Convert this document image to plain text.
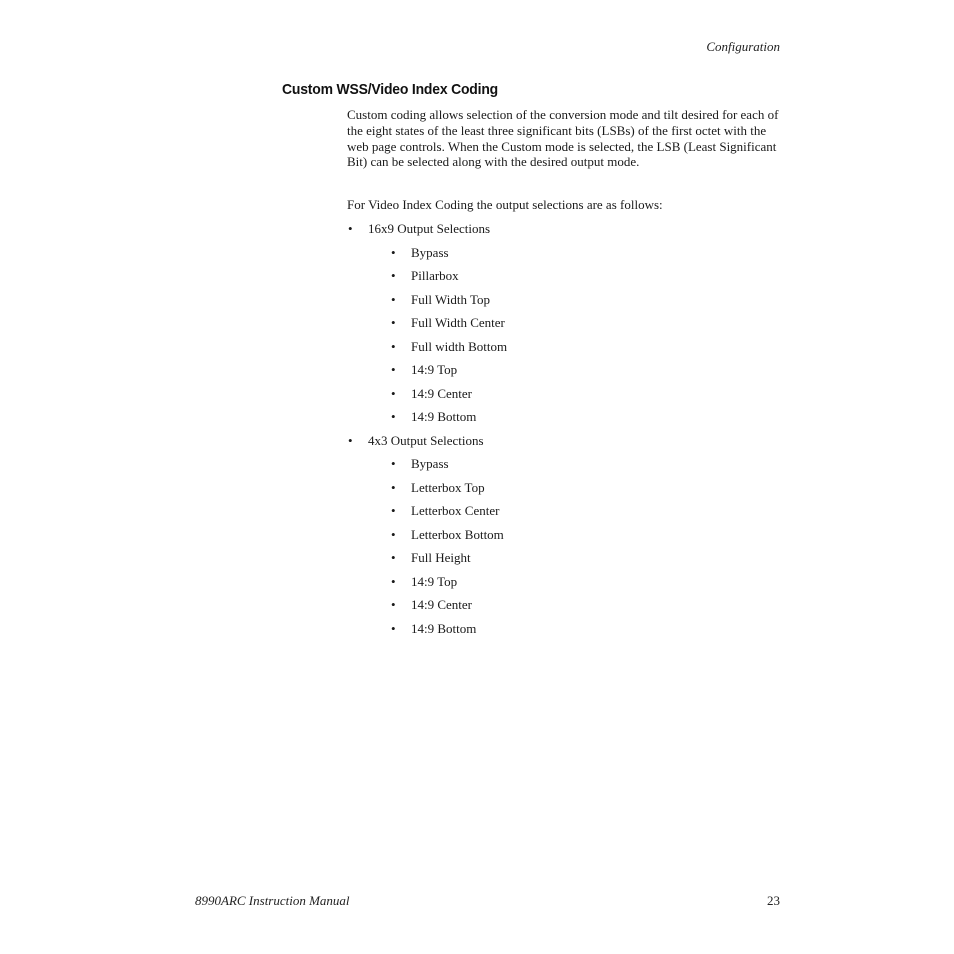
Configuration
Custom WSS/Video Index Coding

Custom coding allows selection of the conversion mode and tilt desired for each of the eight states of the least three significant bits (LSBs) of the first octet with the web page controls. When the Custom mode is selected, the LSB (Least Significant Bit) can be selected along with the desired output mode.

For Video Index Coding the output selections are as follows:

• 16x9 Output Selections
• Bypass
• Pillarbox
• Full Width Top
• Full Width Center
• Full width Bottom
• 14:9 Top
• 14:9 Center
• 14:9 Bottom
• 4x3 Output Selections
• Bypass
• Letterbox Top
• Letterbox Center
• Letterbox Bottom
• Full Height
• 14:9 Top
• 14:9 Center
• 14:9 Bottom
8990ARC Instruction Manual	23
